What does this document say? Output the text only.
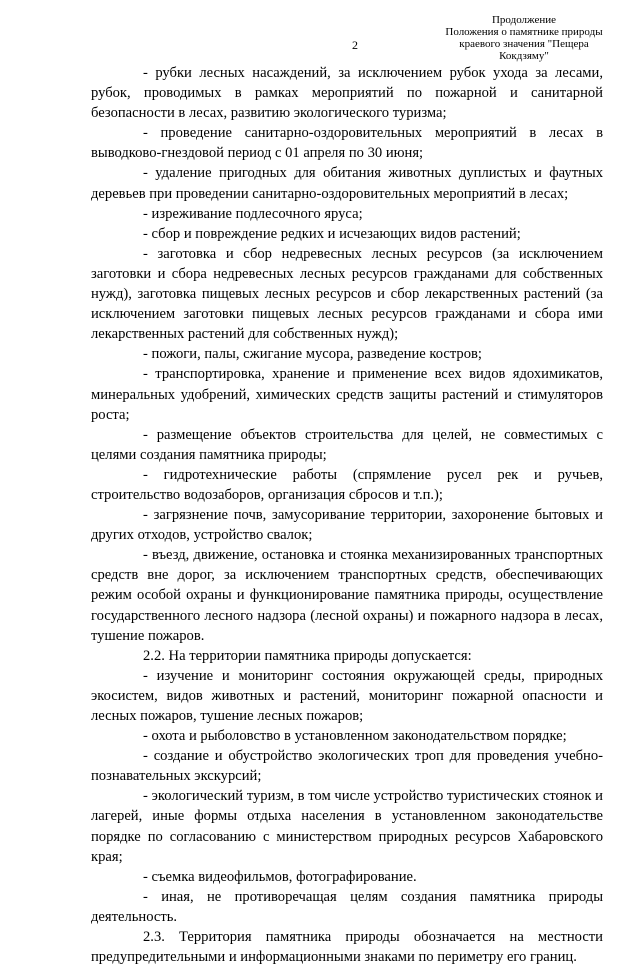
2
Продолжение
Положения о памятнике природы
краевого значения "Пещера
Кокдзяму"

- рубки лесных насаждений, за исключением рубок ухода за лесами, рубок, проводимых в рамках мероприятий по пожарной и санитарной безопасности в лесах, развитию экологического туризма;

- проведение санитарно-оздоровительных мероприятий в лесах в выводково-гнездовой период с 01 апреля по 30 июня;

- удаление пригодных для обитания животных дуплистых и фаутных деревьев при проведении санитарно-оздоровительных мероприятий в лесах;

- изреживание подлесочного яруса;

- сбор и повреждение редких и исчезающих видов растений;

- заготовка и сбор недревесных лесных ресурсов (за исключением заготовки и сбора недревесных лесных ресурсов гражданами для собственных нужд), заготовка пищевых лесных ресурсов и сбор лекарственных растений (за исключением заготовки пищевых лесных ресурсов гражданами и сбора ими лекарственных растений для собственных нужд);

- пожоги, палы, сжигание мусора, разведение костров;

- транспортировка, хранение и применение всех видов ядохимикатов, минеральных удобрений, химических средств защиты растений и стимуляторов роста;

- размещение объектов строительства для целей, не совместимых с целями создания памятника природы;

- гидротехнические работы (спрямление русел рек и ручьев, строительство водозаборов, организация сбросов и т.п.);

- загрязнение почв, замусоривание территории, захоронение бытовых и других отходов, устройство свалок;

- въезд, движение, остановка и стоянка механизированных транспортных средств вне дорог, за исключением транспортных средств, обеспечивающих режим особой охраны и функционирование памятника природы, осуществление государственного лесного надзора (лесной охраны) и пожарного надзора в лесах, тушение пожаров.

2.2. На территории памятника природы допускается:

- изучение и мониторинг состояния окружающей среды, природных экосистем, видов животных и растений, мониторинг пожарной опасности и лесных пожаров, тушение лесных пожаров;

- охота и рыболовство в установленном законодательством порядке;

- создание и обустройство экологических троп для проведения учебно-познавательных экскурсий;

- экологический туризм, в том числе устройство туристических стоянок и лагерей, иные формы отдыха населения в установленном законодательстве порядке по согласованию с министерством природных ресурсов Хабаровского края;

- съемка видеофильмов, фотографирование.

- иная, не противоречащая целям создания памятника природы деятельность.

2.3. Территория памятника природы обозначается на местности предупредительными и информационными знаками по периметру его границ.
